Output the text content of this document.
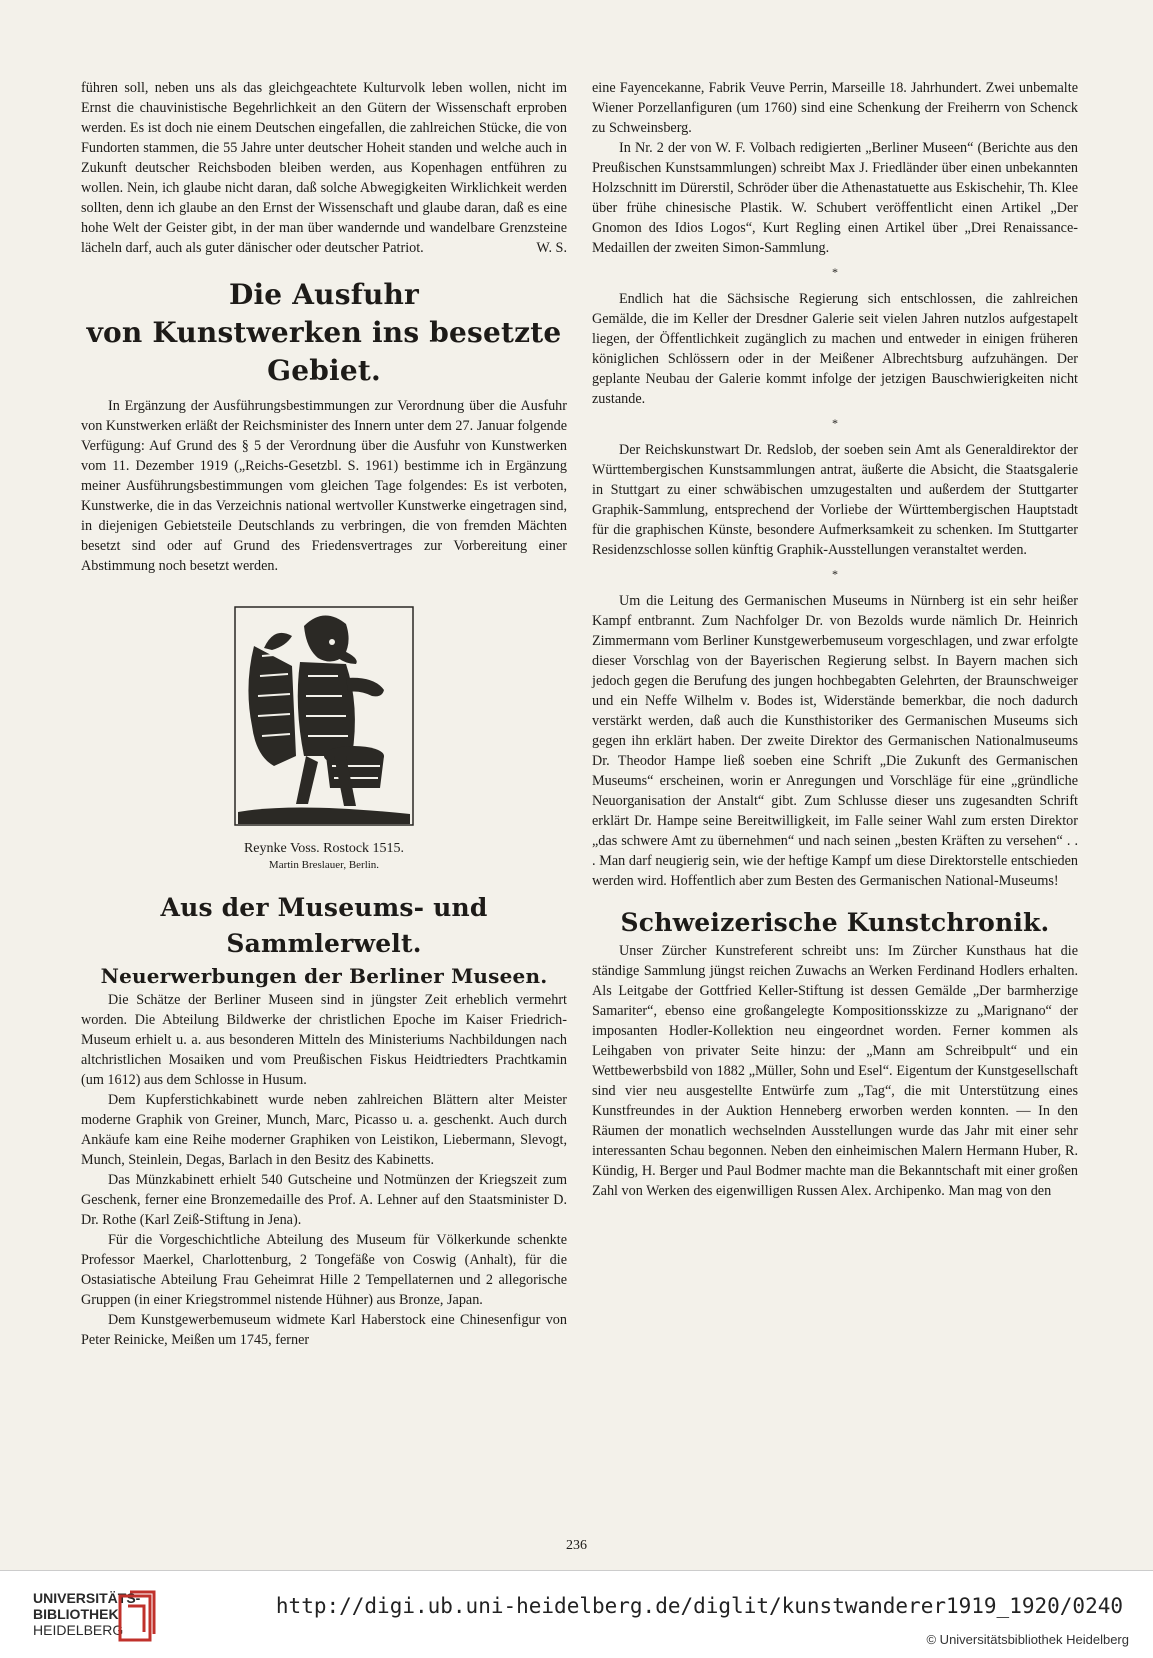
führen soll, neben uns als das gleichgeachtete Kulturvolk leben wollen, nicht im Ernst die chauvinistische Begehrlichkeit an den Gütern der Wissenschaft erproben werden. Es ist doch nie einem Deutschen eingefallen, die zahlreichen Stücke, die von Fundorten stammen, die 55 Jahre unter deutscher Hoheit standen und welche auch in Zukunft deutscher Reichsboden bleiben werden, aus Kopenhagen entführen zu wollen. Nein, ich glaube nicht daran, daß solche Abwegigkeiten Wirklichkeit werden sollten, denn ich glaube an den Ernst der Wissenschaft und glaube daran, daß es eine hohe Welt der Geister gibt, in der man über wandernde und wandelbare Grenzsteine lächeln darf, auch als guter dänischer oder deutscher Patriot.	W. S.

Die Ausfuhr
von Kunstwerken ins besetzte Gebiet.

In Ergänzung der Ausführungsbestimmungen zur Verordnung über die Ausfuhr von Kunstwerken erläßt der Reichsminister des Innern unter dem 27. Januar folgende Verfügung: Auf Grund des § 5 der Verordnung über die Ausfuhr von Kunstwerken vom 11. Dezember 1919 („Reichs-Gesetzbl. S. 1961) bestimme ich in Ergänzung meiner Ausführungsbestimmungen vom gleichen Tage folgendes: Es ist verboten, Kunstwerke, die in das Verzeichnis national wertvoller Kunstwerke eingetragen sind, in diejenigen Gebietsteile Deutschlands zu verbringen, die von fremden Mächten besetzt sind oder auf Grund des Friedensvertrages zur Vorbereitung einer Abstimmung noch besetzt werden.

Reynke Voss. Rostock 1515.
Martin Breslauer, Berlin.
Aus der Museums- und Sammlerwelt.
Neuerwerbungen der Berliner Museen.

Die Schätze der Berliner Museen sind in jüngster Zeit erheblich vermehrt worden. Die Abteilung Bildwerke der christlichen Epoche im Kaiser Friedrich-Museum erhielt u. a. aus besonderen Mitteln des Ministeriums Nachbildungen nach altchristlichen Mosaiken und vom Preußischen Fiskus Heidtriedters Prachtkamin (um 1612) aus dem Schlosse in Husum.

Dem Kupferstichkabinett wurde neben zahlreichen Blättern alter Meister moderne Graphik von Greiner, Munch, Marc, Picasso u. a. geschenkt. Auch durch Ankäufe kam eine Reihe moderner Graphiken von Leistikon, Liebermann, Slevogt, Munch, Steinlein, Degas, Barlach in den Besitz des Kabinetts.

Das Münzkabinett erhielt 540 Gutscheine und Notmünzen der Kriegszeit zum Geschenk, ferner eine Bronzemedaille des Prof. A. Lehner auf den Staatsminister D. Dr. Rothe (Karl Zeiß-Stiftung in Jena).

Für die Vorgeschichtliche Abteilung des Museum für Völkerkunde schenkte Professor Maerkel, Charlottenburg, 2 Tongefäße von Coswig (Anhalt), für die Ostasiatische Abteilung Frau Geheimrat Hille 2 Tempellaternen und 2 allegorische Gruppen (in einer Kriegstrommel nistende Hühner) aus Bronze, Japan.

Dem Kunstgewerbemuseum widmete Karl Haberstock eine Chinesenfigur von Peter Reinicke, Meißen um 1745, ferner

eine Fayencekanne, Fabrik Veuve Perrin, Marseille 18. Jahrhundert. Zwei unbemalte Wiener Porzellanfiguren (um 1760) sind eine Schenkung der Freiherrn von Schenck zu Schweinsberg.

In Nr. 2 der von W. F. Volbach redigierten „Berliner Museen“ (Berichte aus den Preußischen Kunstsammlungen) schreibt Max J. Friedländer über einen unbekannten Holzschnitt im Dürerstil, Schröder über die Athenastatuette aus Eskischehir, Th. Klee über frühe chinesische Plastik. W. Schubert veröffentlicht einen Artikel „Der Gnomon des Idios Logos“, Kurt Regling einen Artikel über „Drei Renaissance-Medaillen der zweiten Simon-Sammlung.

*

Endlich hat die Sächsische Regierung sich entschlossen, die zahlreichen Gemälde, die im Keller der Dresdner Galerie seit vielen Jahren nutzlos aufgestapelt liegen, der Öffentlichkeit zugänglich zu machen und entweder in einigen früheren königlichen Schlössern oder in der Meißener Albrechtsburg aufzuhängen. Der geplante Neubau der Galerie kommt infolge der jetzigen Bauschwierigkeiten nicht zustande.

*

Der Reichskunstwart Dr. Redslob, der soeben sein Amt als Generaldirektor der Württembergischen Kunstsammlungen antrat, äußerte die Absicht, die Staatsgalerie in Stuttgart zu einer schwäbischen umzugestalten und außerdem der Stuttgarter Graphik-Sammlung, entsprechend der Vorliebe der Württembergischen Hauptstadt für die graphischen Künste, besondere Aufmerksamkeit zu schenken. Im Stuttgarter Residenzschlosse sollen künftig Graphik-Ausstellungen veranstaltet werden.

*

Um die Leitung des Germanischen Museums in Nürnberg ist ein sehr heißer Kampf entbrannt. Zum Nachfolger Dr. von Bezolds wurde nämlich Dr. Heinrich Zimmermann vom Berliner Kunstgewerbemuseum vorgeschlagen, und zwar erfolgte dieser Vorschlag von der Bayerischen Regierung selbst. In Bayern machen sich jedoch gegen die Berufung des jungen hochbegabten Gelehrten, der Braunschweiger und ein Neffe Wilhelm v. Bodes ist, Widerstände bemerkbar, die noch dadurch verstärkt werden, daß auch die Kunsthistoriker des Germanischen Museums sich gegen ihn erklärt haben. Der zweite Direktor des Germanischen Nationalmuseums Dr. Theodor Hampe ließ soeben eine Schrift „Die Zukunft des Germanischen Museums“ erscheinen, worin er Anregungen und Vorschläge für eine „gründliche Neuorganisation der Anstalt“ gibt. Zum Schlusse dieser uns zugesandten Schrift erklärt Dr. Hampe seine Bereitwilligkeit, im Falle seiner Wahl zum ersten Direktor „das schwere Amt zu übernehmen“ und nach seinen „besten Kräften zu versehen“ . . . Man darf neugierig sein, wie der heftige Kampf um diese Direktorstelle entschieden werden wird. Hoffentlich aber zum Besten des Germanischen National-Museums!

Schweizerische Kunstchronik.

Unser Zürcher Kunstreferent schreibt uns: Im Zürcher Kunsthaus hat die ständige Sammlung jüngst reichen Zuwachs an Werken Ferdinand Hodlers erhalten. Als Leitgabe der Gottfried Keller-Stiftung ist dessen Gemälde „Der barmherzige Samariter“, ebenso eine großangelegte Kompositionsskizze zu „Marignano“ der imposanten Hodler-Kollektion neu eingeordnet worden. Ferner kommen als Leihgaben von privater Seite hinzu: der „Mann am Schreibpult“ und ein Wettbewerbsbild von 1882 „Müller, Sohn und Esel“. Eigentum der Kunstgesellschaft sind vier neu ausgestellte Entwürfe zum „Tag“, die mit Unterstützung eines Kunstfreundes in der Auktion Henneberg erworben werden konnten. — In den Räumen der monatlich wechselnden Ausstellungen wurde das Jahr mit einer sehr interessanten Schau begonnen. Neben den einheimischen Malern Hermann Huber, R. Kündig, H. Berger und Paul Bodmer machte man die Bekanntschaft mit einer großen Zahl von Werken des eigenwilligen Russen Alex. Archipenko. Man mag von den

236
UNIVERSITÄTS-
BIBLIOTHEK
HEIDELBERG
http://digi.ub.uni-heidelberg.de/diglit/kunstwanderer1919_1920/0240
© Universitätsbibliothek Heidelberg
